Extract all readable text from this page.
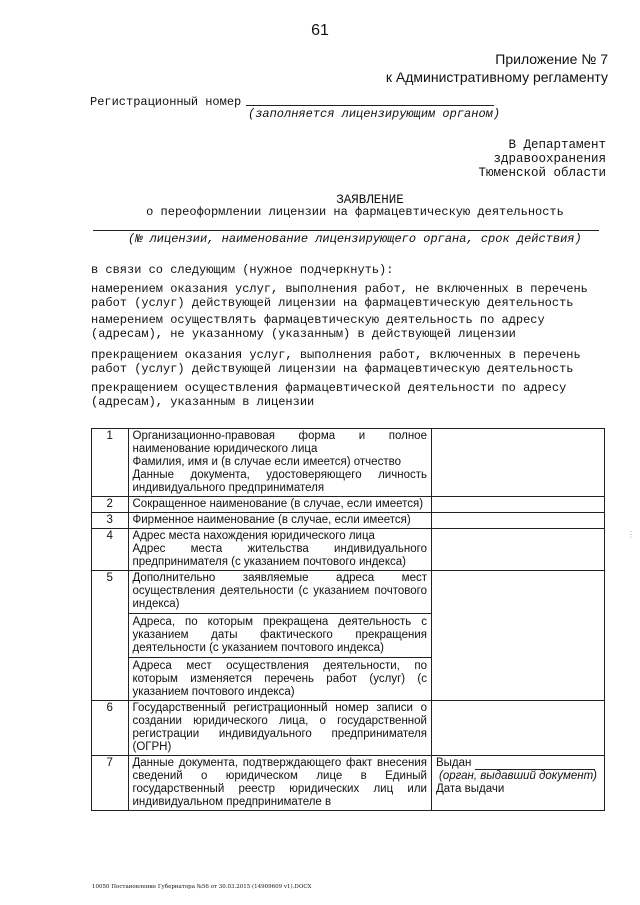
61
Приложение № 7
к Административному регламенту
Регистрационный номер
(заполняется лицензирующим органом)
В Департамент
здравоохранения
Тюменской области
ЗАЯВЛЕНИЕ
о переоформлении лицензии на фармацевтическую деятельность
(№ лицензии, наименование лицензирующего органа, срок действия)
в связи со следующим (нужное подчеркнуть):
намерением оказания услуг, выполнения работ, не включенных в перечень
работ (услуг) действующей лицензии на фармацевтическую деятельность
намерением осуществлять фармацевтическую деятельность по адресу
(адресам), не указанному (указанным) в действующей лицензии
прекращением оказания услуг, выполнения работ, включенных в перечень
работ (услуг) действующей лицензии на фармацевтическую деятельность
прекращением осуществления фармацевтической деятельности по адресу
(адресам), указанным в лицензии
1	Организационно-правовая форма и полное наименование юридического лица
Фамилия, имя и (в случае если имеется) отчество
Данные документа, удостоверяющего личность индивидуального предпринимателя	

2	Сокращенное наименование (в случае, если имеется)	
3	Фирменное наименование (в случае, если имеется)	
4	Адрес места нахождения юридического лица
Адрес места жительства индивидуального предпринимателя (с указанием почтового индекса)	

5	Дополнительно заявляемые адреса мест осуществления деятельности (с указанием почтового индекса)
Адреса, по которым прекращена деятельность с указанием даты фактического прекращения деятельности (с указанием почтового индекса)
Адреса мест осуществления деятельности, по которым изменяется перечень работ (услуг) (с указанием почтового индекса)	

6	Государственный регистрационный номер записи о создании юридического лица, о государственной регистрации индивидуального предпринимателя (ОГРН)	
7	Данные документа, подтверждающего факт внесения сведений о юридическом лице в Единый государственный реестр юридических лиц или индивидуальном предпринимателе в	Выдан
(орган, выдавший документ)
Дата выдачи
⋮
10050 Постановление Губернатора №56 от 30.03.2015 (14909609 v1).DOCX
